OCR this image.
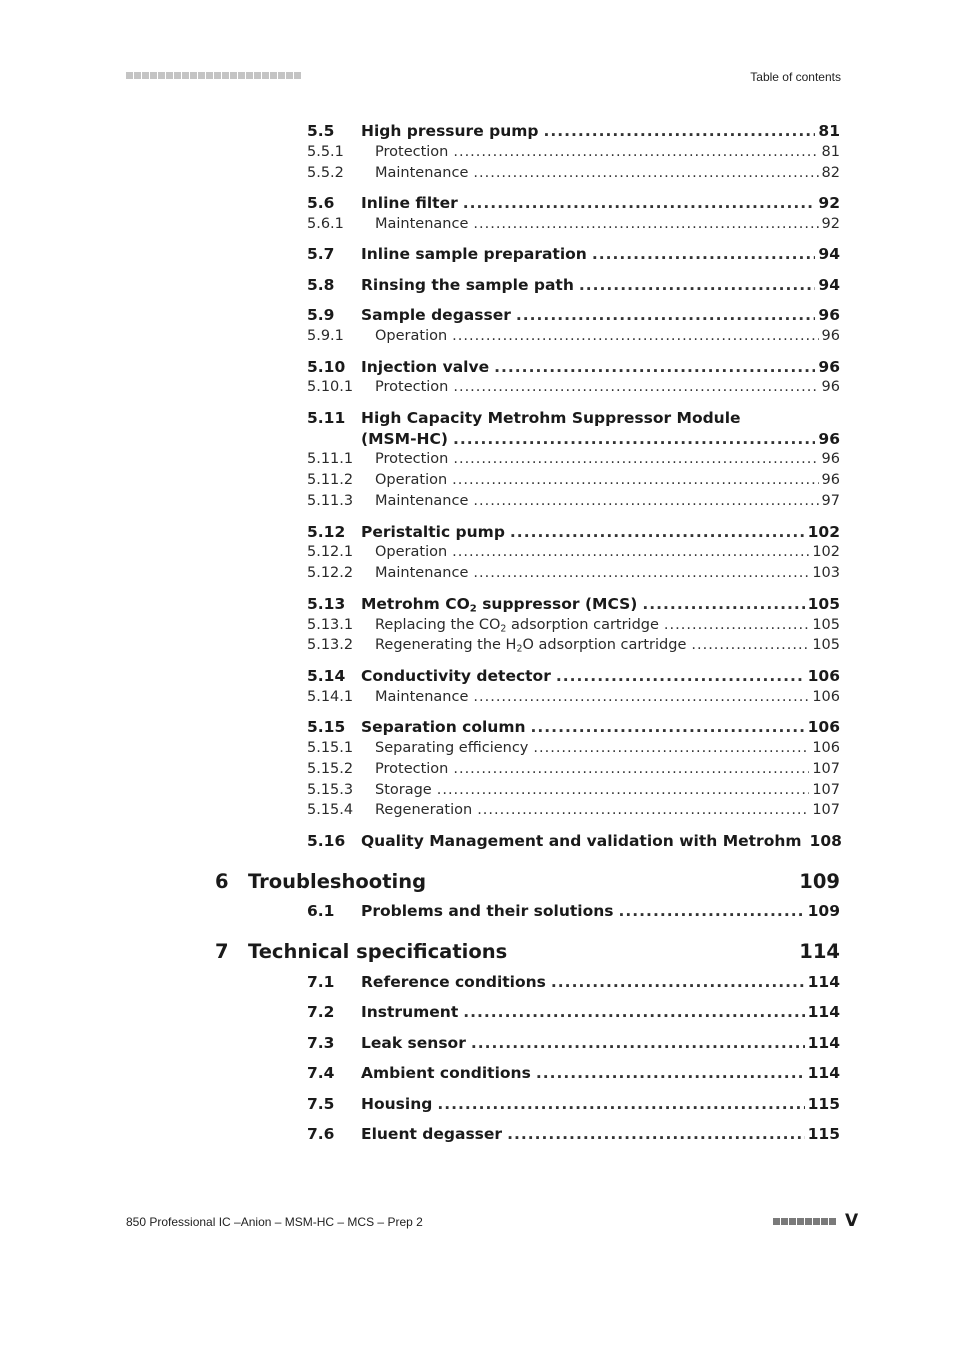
Table of contents
5.5	High pressure pump .....	81
5.5.1	Protection .....	81
5.5.2	Maintenance .....	82
5.6	Inline filter .....	92
5.6.1	Maintenance .....	92
5.7	Inline sample preparation .....	94
5.8	Rinsing the sample path .....	94
5.9	Sample degasser .....	96
5.9.1	Operation .....	96
5.10	Injection valve .....	96
5.10.1	Protection .....	96
5.11	High Capacity Metrohm Suppressor Module
(MSM-HC) .....	96
5.11.1	Protection .....	96
5.11.2	Operation .....	96
5.11.3	Maintenance .....	97
5.12	Peristaltic pump .....	102
5.12.1	Operation .....	102
5.12.2	Maintenance .....	103
5.13	Metrohm $CO_2$ suppressor (MCS) .....	105
5.13.1	Replacing the $CO_2$ adsorption cartridge .....	105
5.13.2	Regenerating the $H_2O$ adsorption cartridge .....	105
5.14	Conductivity detector .....	106
5.14.1	Maintenance .....	106
5.15	Separation column .....	106
5.15.1	Separating efficiency .....	106
5.15.2	Protection .....	107
5.15.3	Storage .....	107
5.15.4	Regeneration .....	107
5.16	Quality Management and validation with Metrohm 108
6 Troubleshooting	109
6.1	Problems and their solutions .....	109
7 Technical specifications	114
7.1	Reference conditions .....	114
7.2	Instrument .....	114
7.3	Leak sensor .....	114
7.4	Ambient conditions .....	114
7.5	Housing .....	115
7.6	Eluent degasser .....	115
850 Professional IC –Anion – MSM-HC – MCS – Prep 2	V
